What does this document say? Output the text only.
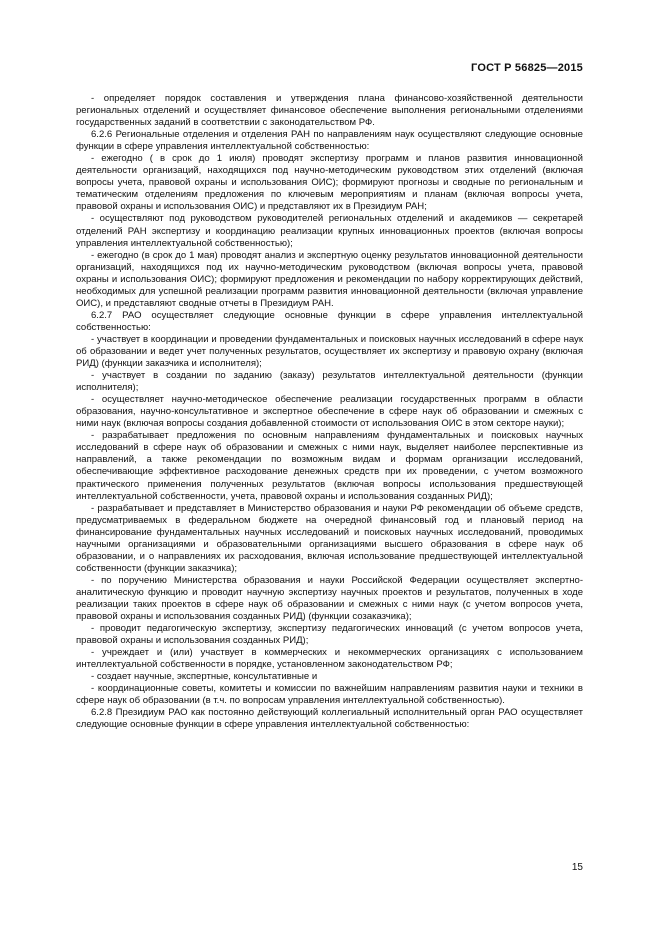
ГОСТ Р 56825—2015

- определяет порядок составления и утверждения плана финансово-хозяйственной деятельности региональных отделений и осуществляет финансовое обеспечение выполнения региональными отделениями государственных заданий в соответствии с законодательством РФ.

6.2.6 Региональные отделения и отделения РАН по направлениям наук осуществляют следующие основные функции в сфере управления интеллектуальной собственностью:

- ежегодно ( в срок до 1 июля) проводят экспертизу программ и планов развития инновационной деятельности организаций, находящихся под научно-методическим руководством этих отделений (включая вопросы учета, правовой охраны и использования ОИС); формируют прогнозы и сводные по региональным и тематическим отделениям предложения по ключевым мероприятиям и планам (включая вопросы учета, правовой охраны и использования ОИС) и представляют их в Президиум РАН;

- осуществляют под руководством руководителей региональных отделений и академиков — секретарей отделений РАН экспертизу и координацию реализации крупных инновационных проектов (включая вопросы управления интеллектуальной собственностью);

- ежегодно (в срок до 1 мая) проводят анализ и экспертную оценку результатов инновационной деятельности организаций, находящихся под их научно-методическим руководством (включая вопросы учета, правовой охраны и использования ОИС); формируют предложения и рекомендации по набору корректирующих действий, необходимых для успешной реализации программ развития инновационной деятельности (включая управление ОИС), и представляют сводные отчеты в Президиум РАН.

6.2.7 РАО осуществляет следующие основные функции в сфере управления интеллектуальной собственностью:

- участвует в координации и проведении фундаментальных и поисковых научных исследований в сфере наук об образовании и ведет учет полученных результатов, осуществляет их экспертизу и правовую охрану (включая РИД) (функции заказчика и исполнителя);

- участвует в создании по заданию (заказу) результатов интеллектуальной деятельности (функции исполнителя);

- осуществляет научно-методическое обеспечение реализации государственных программ в области образования, научно-консультативное и экспертное обеспечение в сфере наук об образовании и смежных с ними наук (включая вопросы создания добавленной стоимости от использования ОИС в этом секторе науки);

- разрабатывает предложения по основным направлениям фундаментальных и поисковых научных исследований в сфере наук об образовании и смежных с ними наук, выделяет наиболее перспективные из направлений, а также рекомендации по возможным видам и формам организации исследований, обеспечивающие эффективное расходование денежных средств при их проведении, с учетом возможного практического применения полученных результатов (включая вопросы использования предшествующей интеллектуальной собственности, учета, правовой охраны и использования созданных РИД);

- разрабатывает и представляет в Министерство образования и науки РФ рекомендации об объеме средств, предусматриваемых в федеральном бюджете на очередной финансовый год и плановый период на финансирование фундаментальных научных исследований и поисковых научных исследований, проводимых научными организациями и образовательными организациями высшего образования в сфере наук об образовании, и о направлениях их расходования, включая использование предшествующей интеллектуальной собственности (функции заказчика);

- по поручению Министерства образования и науки Российской Федерации осуществляет экспертно-аналитическую функцию и проводит научную экспертизу научных проектов и результатов, полученных в ходе реализации таких проектов в сфере наук об образовании и смежных с ними наук (с учетом вопросов учета, правовой охраны и использования созданных РИД) (функции созаказчика);

- проводит педагогическую экспертизу, экспертизу педагогических инноваций (с учетом вопросов учета, правовой охраны и использования созданных РИД);

- учреждает и (или) участвует в коммерческих и некоммерческих организациях с использованием интеллектуальной собственности в порядке, установленном законодательством РФ;

- создает научные, экспертные, консультативные и

- координационные советы, комитеты и комиссии по важнейшим направлениям развития науки и техники в сфере наук об образовании (в т.ч. по вопросам управления интеллектуальной собственностью).

6.2.8 Президиум РАО как постоянно действующий коллегиальный исполнительный орган РАО осуществляет следующие основные функции в сфере управления интеллектуальной собственностью:

15
